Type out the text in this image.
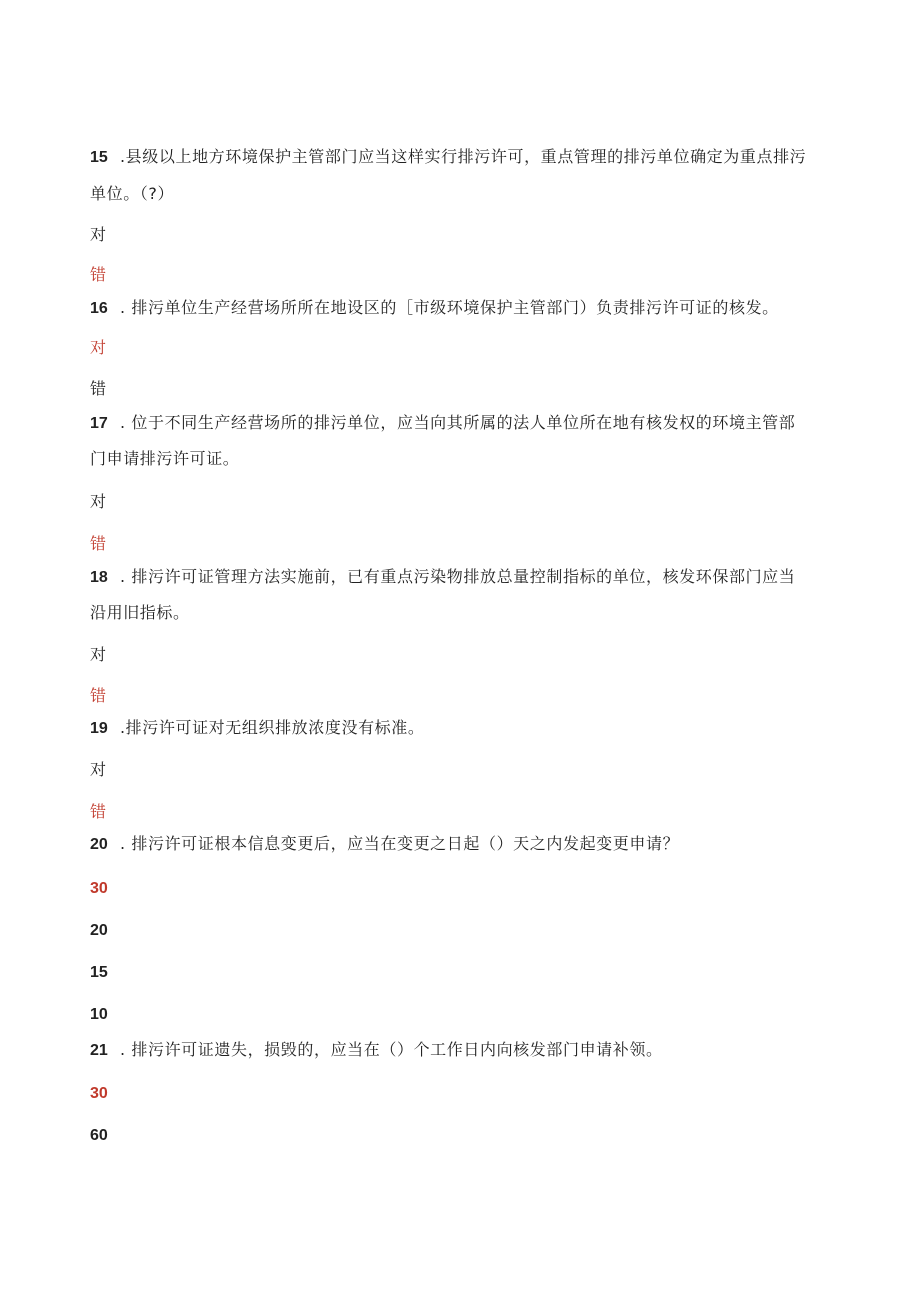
15 .县级以上地方环境保护主管部门应当这样实行排污许可，重点管理的排污单位确定为重点排污
单位。（?）
对
错
16 . 排污单位生产经营场所所在地设区的［市级环境保护主管部门）负责排污许可证的核发。
对
错
17 . 位于不同生产经营场所的排污单位，应当向其所属的法人单位所在地有核发权的环境主管部
门申请排污许可证。
对
错
18 . 排污许可证管理方法实施前，已有重点污染物排放总量控制指标的单位，核发环保部门应当
沿用旧指标。
对
错
19 .排污许可证对无组织排放浓度没有标准。
对
错
20 . 排污许可证根本信息变更后，应当在变更之日起（）天之内发起变更申请？
30
20
15
10
21 . 排污许可证遗失，损毁的，应当在（）个工作日内向核发部门申请补领。
30
60
